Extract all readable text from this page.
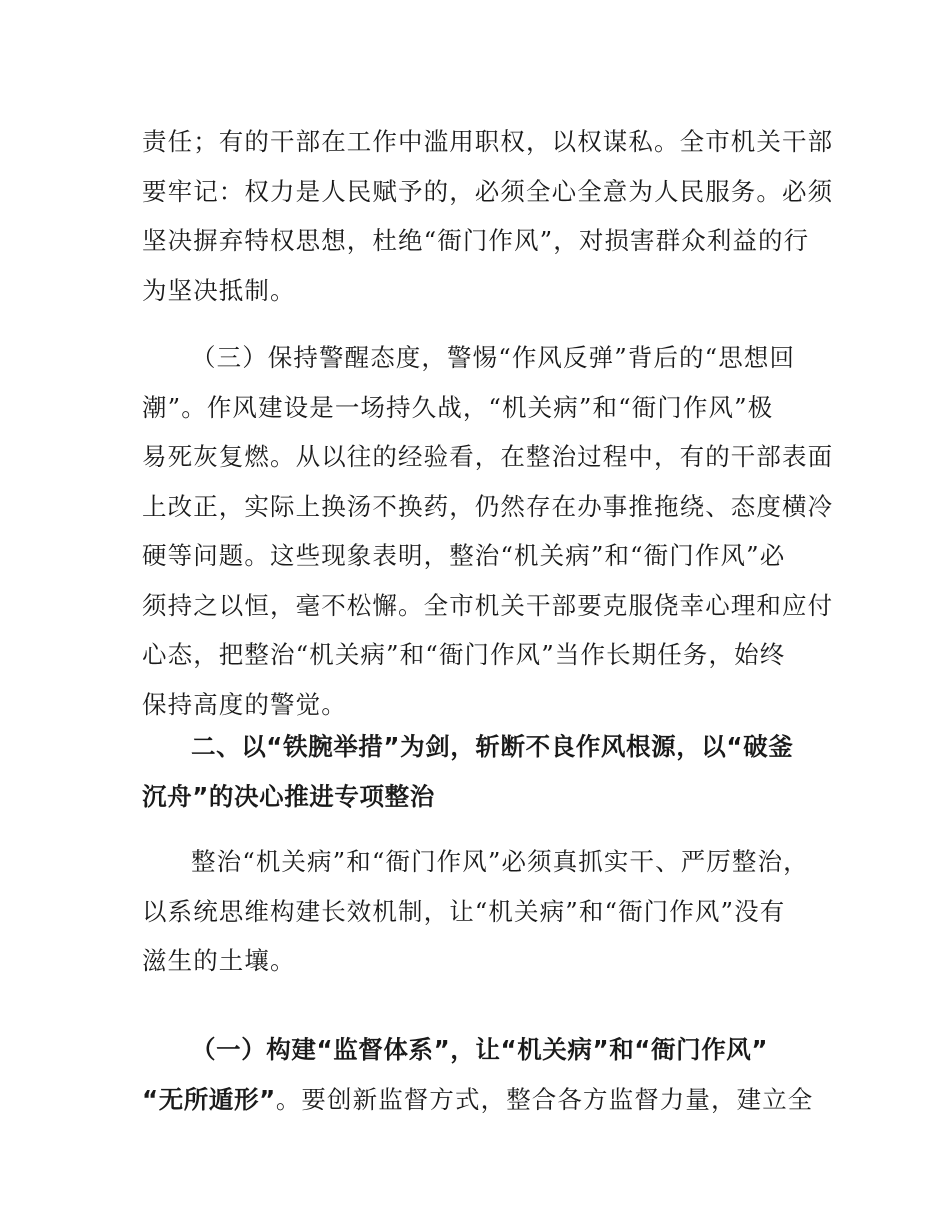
责任；有的干部在工作中滥用职权，以权谋私。全市机关干部
要牢记：权力是人民赋予的，必须全心全意为人民服务。必须
坚决摒弃特权思想，杜绝“衙门作风”，对损害群众利益的行
为坚决抵制。

（三）保持警醒态度，警惕“作风反弹”背后的“思想回
潮”。作风建设是一场持久战，“机关病”和“衙门作风”极
易死灰复燃。从以往的经验看，在整治过程中，有的干部表面
上改正，实际上换汤不换药，仍然存在办事推拖绕、态度横冷
硬等问题。这些现象表明，整治“机关病”和“衙门作风”必
须持之以恒，毫不松懈。全市机关干部要克服侥幸心理和应付
心态，把整治“机关病”和“衙门作风”当作长期任务，始终
保持高度的警觉。

二、以“铁腕举措”为剑，斩断不良作风根源，以“破釜
沉舟”的决心推进专项整治

整治“机关病”和“衙门作风”必须真抓实干、严厉整治，
以系统思维构建长效机制，让“机关病”和“衙门作风”没有
滋生的土壤。

（一）构建“监督体系”，让“机关病”和“衙门作风”
“无所遁形”。要创新监督方式，整合各方监督力量，建立全
